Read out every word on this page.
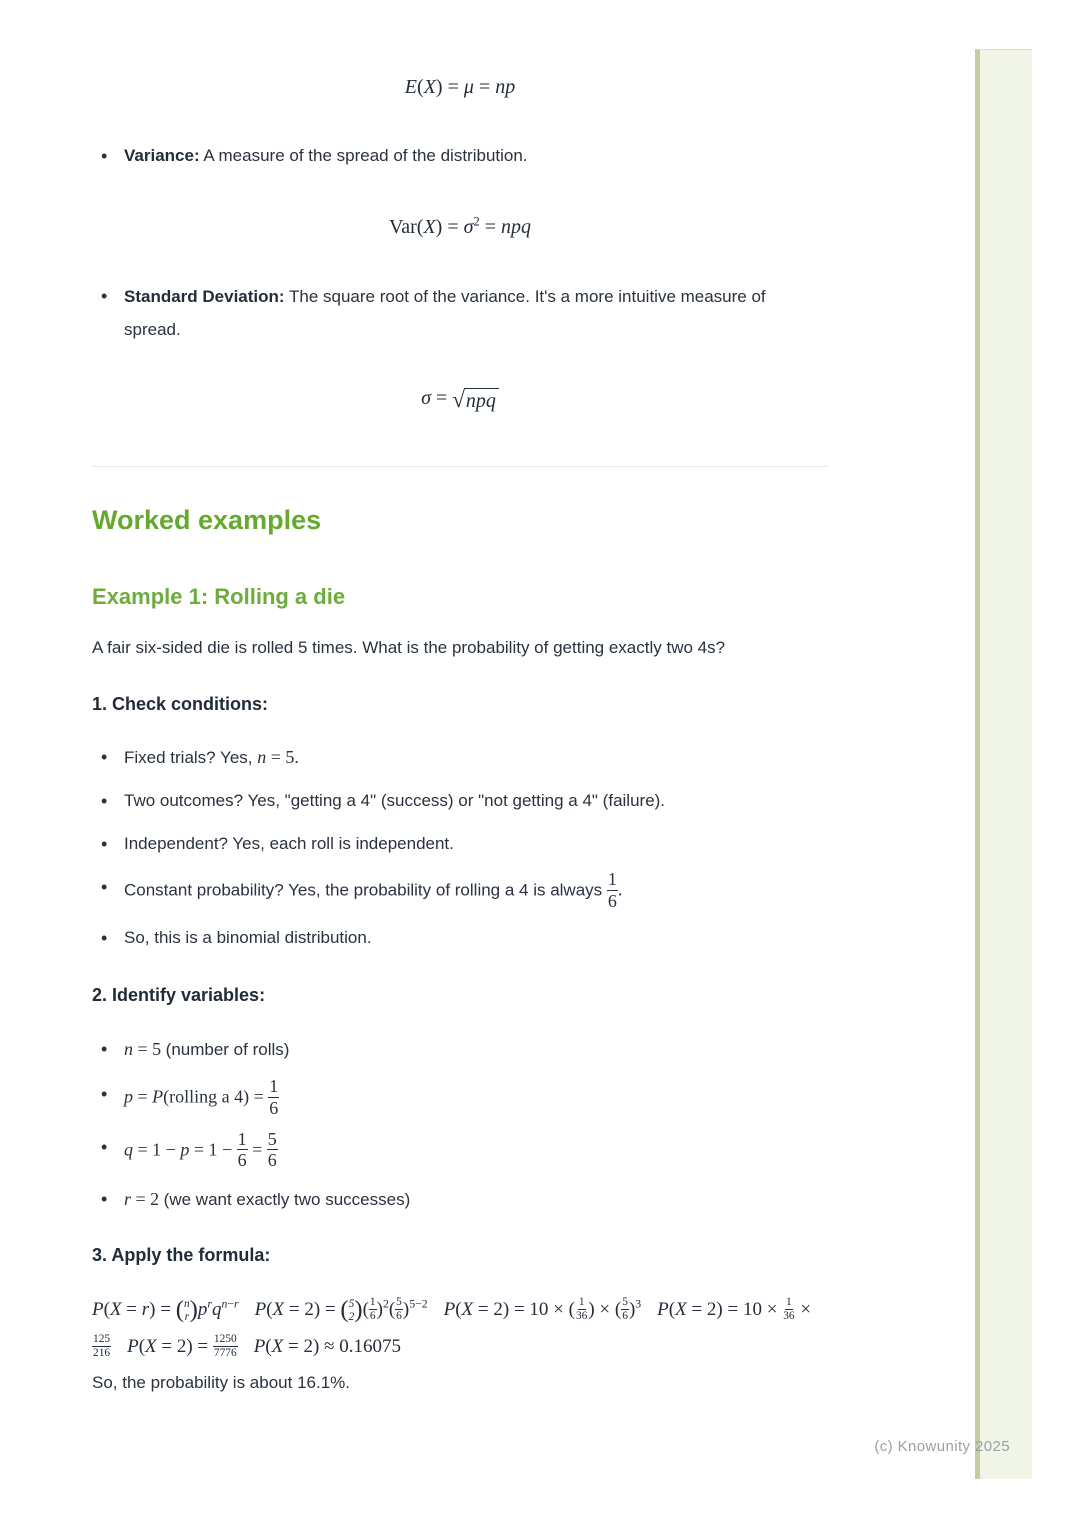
E(X) = μ = np
• Variance: A measure of the spread of the distribution.
$Var(X) = \sigma^2$ = npq
• Standard Deviation: The square root of the variance. It's a more intuitive measure of spread.
σ = √ npq
Worked examples
Example 1: Rolling a die

A fair six-sided die is rolled 5 times. What is the probability of getting exactly two 4s?

1. Check conditions:
• Fixed trials? Yes, n = 5.
• Two outcomes? Yes, "getting a 4" (success) or "not getting a 4" (failure).
• Independent? Yes, each roll is independent.
• Constant probability? Yes, the probability of rolling a 4 is always $\frac{1}{6}$ .
• So, this is a binomial distribution.
2. Identify variables:
• n = 5 (number of rolls)
• p = P(rolling a $4) = \frac{1}{6}$
• $q = 1 - p = 1 - \frac{1}{6} = \frac{5}{6}$
• r = 2 (we want exactly two successes)
3. Apply the formula:
P(X = r) = ( n
r ) $p^rq^{n-r}$ P(X = 2) = ( 5
2 ) ( $\frac{1}{6} )^2( \frac{5}{6} )^{5-2}$ P(X = 2) = 10 × ( $\frac{1}{36}$ ) × ( $\frac{5}{6} )^3$ $P(X = 2) = 10 \times \frac{1}{36}$ ×
$\frac{125}{216} P(X = 2) = \frac{1250}{7776} P(X = 2) \approx 0.16075$

So, the probability is about 16.1%.

(c) Knowunity 2025
